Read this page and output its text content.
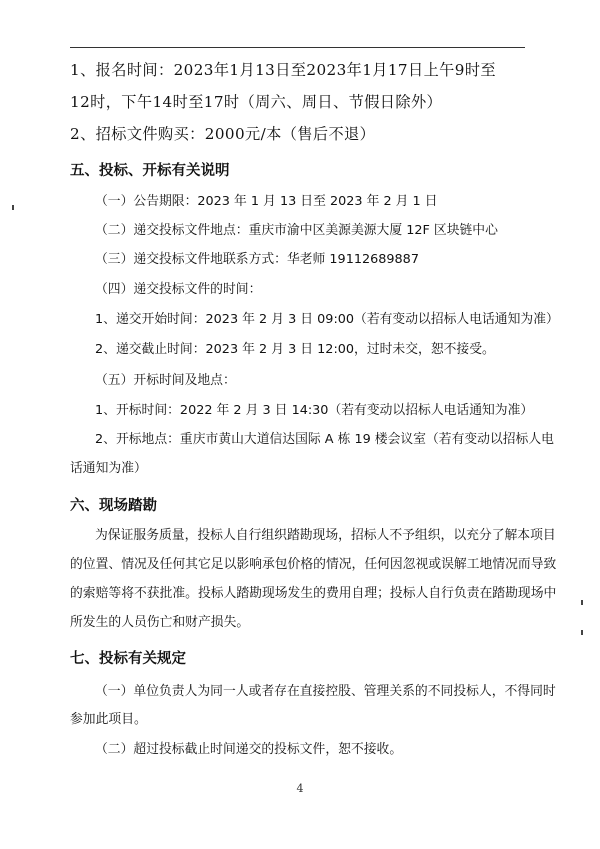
1、报名时间：2023年1月13日至2023年1月17日上午9时至
12时，下午14时至17时（周六、周日、节假日除外）
2、招标文件购买：2000元/本（售后不退）
五、投标、开标有关说明
（一）公告期限：2023 年 1 月 13 日至 2023 年 2 月 1 日
（二）递交投标文件地点：重庆市渝中区美源美源大厦 12F 区块链中心
（三）递交投标文件地联系方式：华老师 19112689887
（四）递交投标文件的时间：
1、递交开始时间：2023 年 2 月 3 日 09:00（若有变动以招标人电话通知为准）
2、递交截止时间：2023 年 2 月 3 日 12:00，过时未交，恕不接受。
（五）开标时间及地点：
1、开标时间：2022 年 2 月 3 日 14:30（若有变动以招标人电话通知为准）
2、开标地点：重庆市黄山大道信达国际 A 栋 19 楼会议室（若有变动以招标人电
话通知为准）
六、现场踏勘
为保证服务质量，投标人自行组织踏勘现场，招标人不予组织，以充分了解本项目
的位置、情况及任何其它足以影响承包价格的情况，任何因忽视或误解工地情况而导致
的索赔等将不获批准。投标人踏勘现场发生的费用自理；投标人自行负责在踏勘现场中
所发生的人员伤亡和财产损失。
七、投标有关规定
（一）单位负责人为同一人或者存在直接控股、管理关系的不同投标人，不得同时
参加此项目。
（二）超过投标截止时间递交的投标文件，恕不接收。
4
